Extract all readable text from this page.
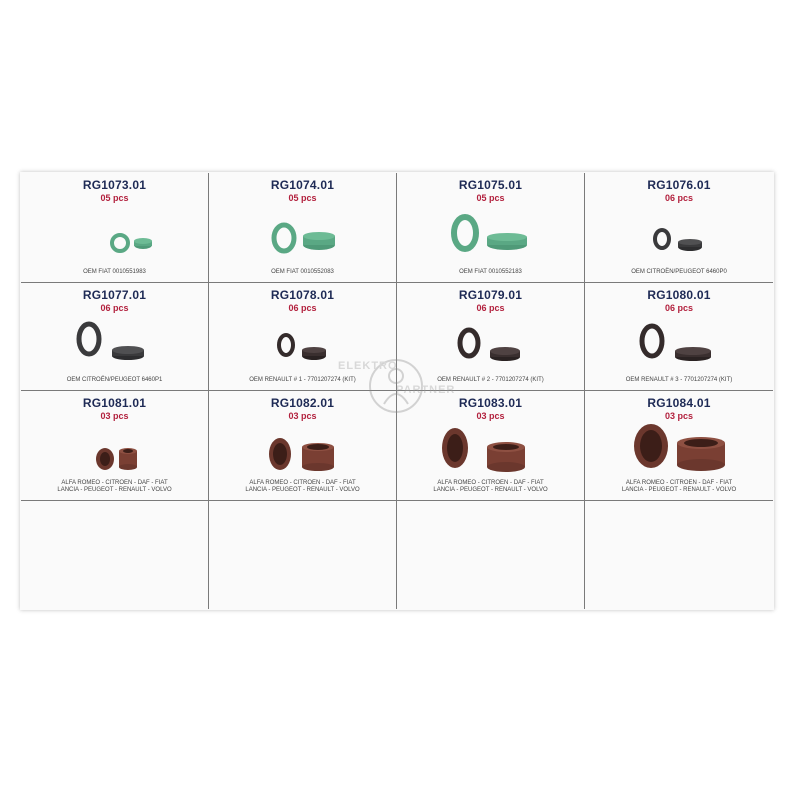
RG1073.01
05 pcs
OEM FIAT 0010551983
RG1074.01
05 pcs
OEM FIAT 0010552083
RG1075.01
05 pcs
OEM FIAT 0010552183
RG1076.01
06 pcs
OEM CITROËN/PEUGEOT 6460P0
RG1077.01
06 pcs
OEM CITROËN/PEUGEOT 6460P1
RG1078.01
06 pcs
OEM RENAULT # 1 - 7701207274 (KIT)
RG1079.01
06 pcs
OEM RENAULT # 2 - 7701207274 (KIT)
RG1080.01
06 pcs
OEM RENAULT # 3 - 7701207274 (KIT)
RG1081.01
03 pcs
ALFA ROMEO - CITROEN - DAF - FIAT
LANCIA - PEUGEOT - RENAULT - VOLVO
RG1082.01
03 pcs
ALFA ROMEO - CITROEN - DAF - FIAT
LANCIA - PEUGEOT - RENAULT - VOLVO
RG1083.01
03 pcs
ALFA ROMEO - CITROEN - DAF - FIAT
LANCIA - PEUGEOT - RENAULT - VOLVO
RG1084.01
03 pcs
ALFA ROMEO - CITROEN - DAF - FIAT
LANCIA - PEUGEOT - RENAULT - VOLVO
ELEKTRO
PARTNER
